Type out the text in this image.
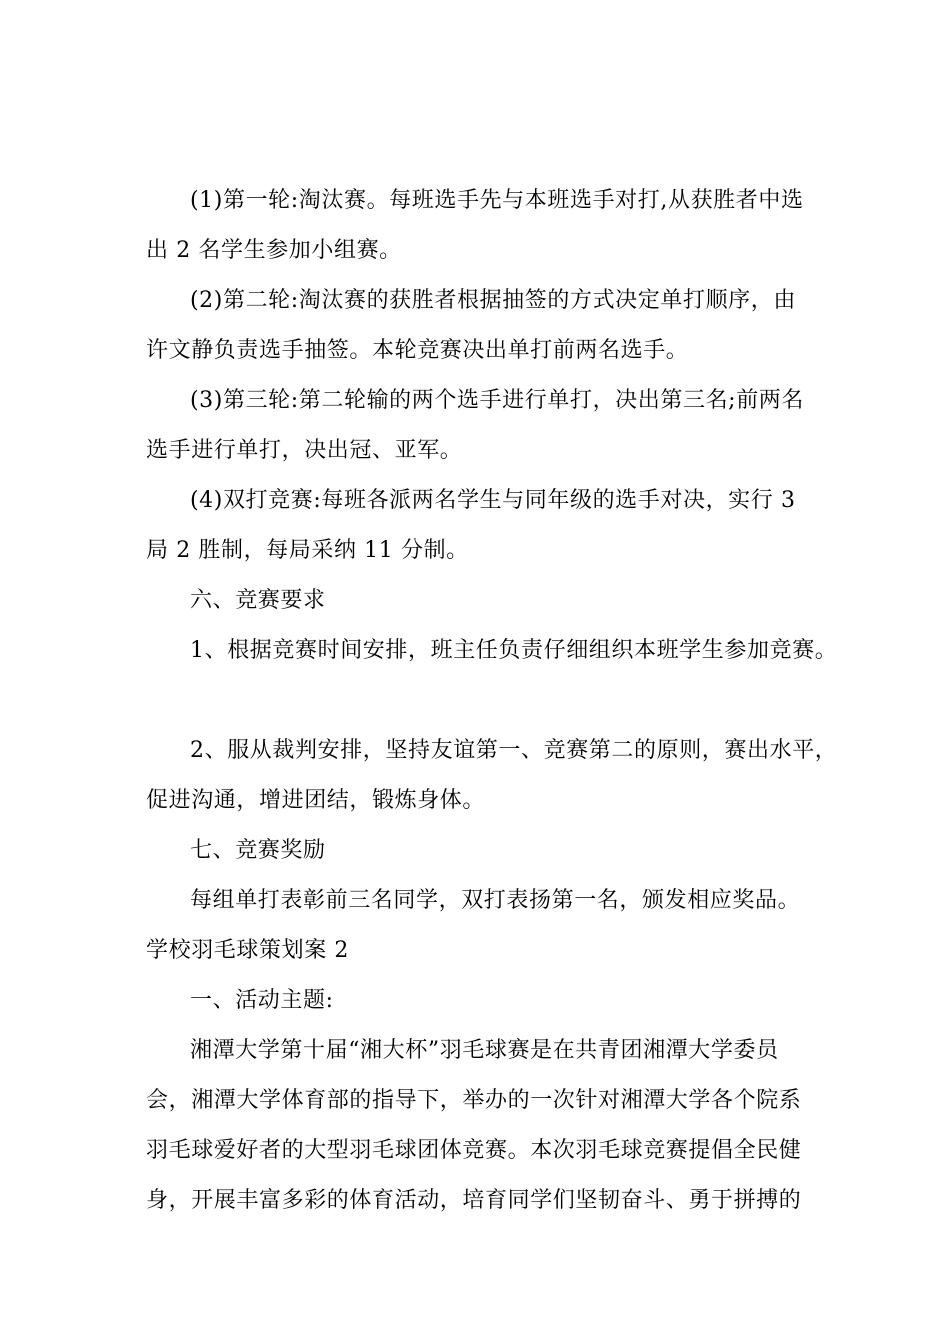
(1)第一轮:淘汰赛。每班选手先与本班选手对打,从获胜者中选
出 2 名学生参加小组赛。
(2)第二轮:淘汰赛的获胜者根据抽签的方式决定单打顺序，由
许文静负责选手抽签。本轮竞赛决出单打前两名选手。
(3)第三轮:第二轮输的两个选手进行单打，决出第三名;前两名
选手进行单打，决出冠、亚军。
(4)双打竞赛:每班各派两名学生与同年级的选手对决，实行 3
局 2 胜制，每局采纳 11 分制。
六、竞赛要求
1、根据竞赛时间安排，班主任负责仔细组织本班学生参加竞赛。
2、服从裁判安排，坚持友谊第一、竞赛第二的原则，赛出水平，
促进沟通，增进团结，锻炼身体。
七、竞赛奖励
每组单打表彰前三名同学，双打表扬第一名，颁发相应奖品。
学校羽毛球策划案 2
一、活动主题:
湘潭大学第十届“湘大杯”羽毛球赛是在共青团湘潭大学委员
会，湘潭大学体育部的指导下，举办的一次针对湘潭大学各个院系
羽毛球爱好者的大型羽毛球团体竞赛。本次羽毛球竞赛提倡全民健
身，开展丰富多彩的体育活动，培育同学们坚韧奋斗、勇于拼搏的
